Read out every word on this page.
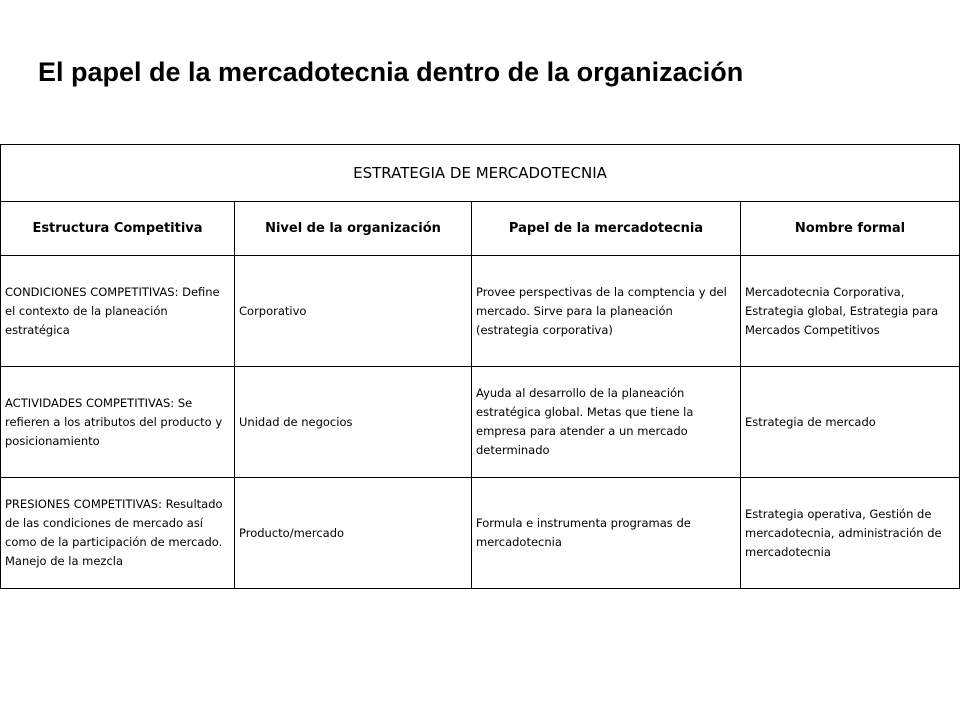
El papel de la mercadotecnia dentro de la organización
ESTRATEGIA DE MERCADOTECNIA			
Estructura Competitiva	Nivel de la organización	Papel de la mercadotecnia	Nombre formal

CONDICIONES COMPETITIVAS: Define el contexto de la planeación estratégica	Corporativo	Provee perspectivas de la comptencia y del mercado. Sirve para la planeación (estrategia corporativa)	Mercadotecnia Corporativa, Estrategia global, Estrategia para Mercados Competitivos

ACTIVIDADES COMPETITIVAS: Se refieren a los atributos del producto y posicionamiento	Unidad de negocios	Ayuda al desarrollo de la planeación estratégica global. Metas que tiene la empresa para atender a un mercado determinado	Estrategia de mercado

PRESIONES COMPETITIVAS: Resultado de las condiciones de mercado así como de la participación de mercado. Manejo de la mezcla	Producto/mercado	Formula e instrumenta programas de mercadotecnia	Estrategia operativa, Gestión de mercadotecnia, administración de mercadotecnia
